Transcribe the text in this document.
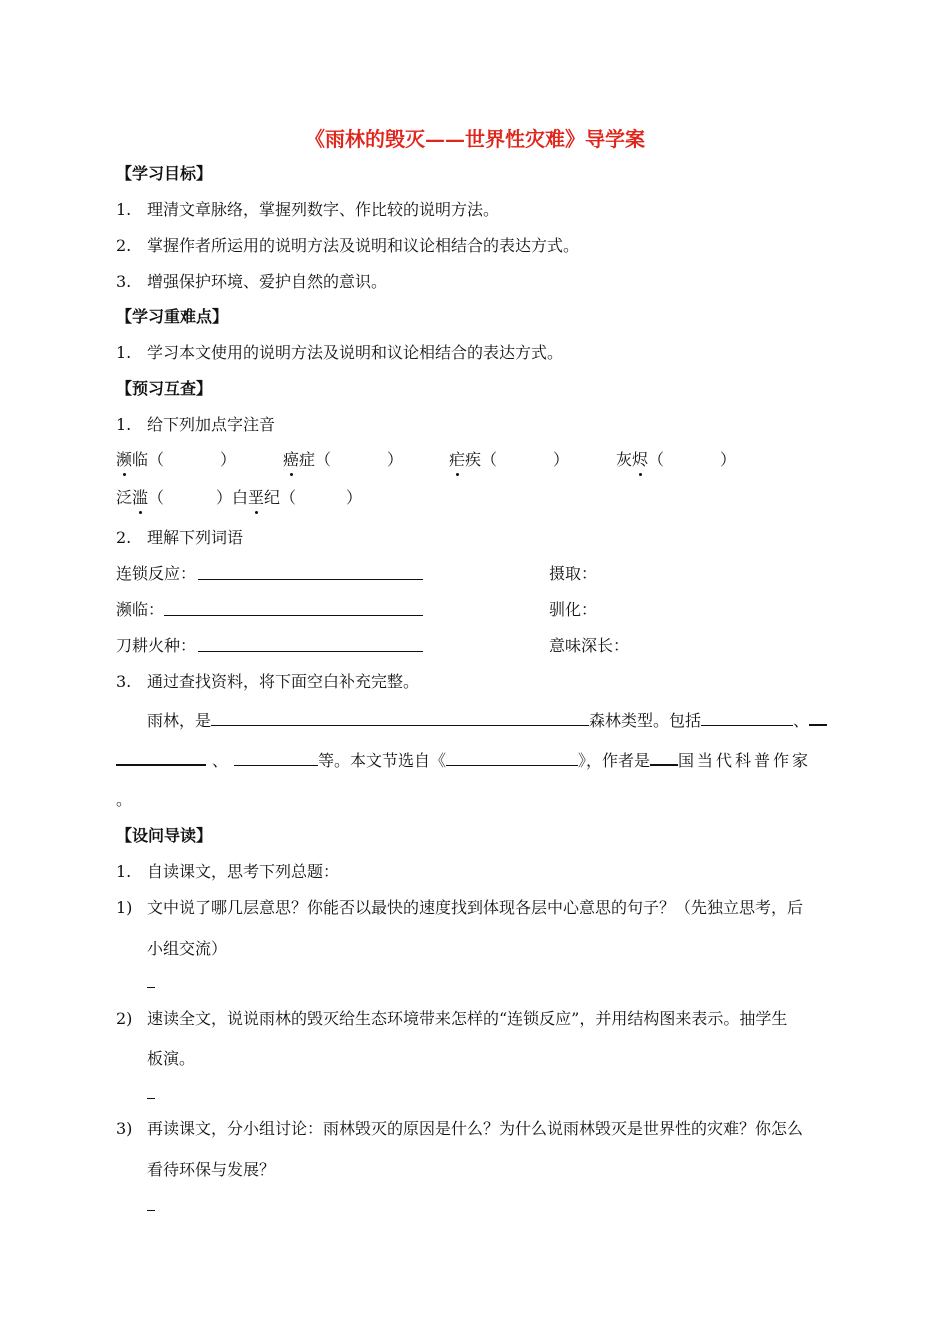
《雨林的毁灭——世界性灾难》导学案
【学习目标】
1. 理清文章脉络，掌握列数字、作比较的说明方法。
2. 掌握作者所运用的说明方法及说明和议论相结合的表达方式。
3. 增强保护环境、爱护自然的意识。
【学习重难点】
1. 学习本文使用的说明方法及说明和议论相结合的表达方式。
【预习互查】
1. 给下列加点字注音
濒临（	）	癌症（	）	疟疾（	）	灰烬（	）
泛滥（	） 白垩纪（	）
2. 理解下列词语
连锁反应：	摄取：
濒临：	驯化：
刀耕火种：	意味深长：
3. 通过查找资料，将下面空白补充完整。
雨林，是	森林类型。包括	、
、	等。本文节选自《	》，作者是 国当代科普作家
。
【设问导读】
1. 自读课文，思考下列总题：
1) 文中说了哪几层意思？你能否以最快的速度找到体现各层中心意思的句子？（先独立思考，后
小组交流）
2) 速读全文，说说雨林的毁灭给生态环境带来怎样的“连锁反应”，并用结构图来表示。抽学生
板演。
3) 再读课文，分小组讨论：雨林毁灭的原因是什么？为什么说雨林毁灭是世界性的灾难？你怎么
看待环保与发展？
